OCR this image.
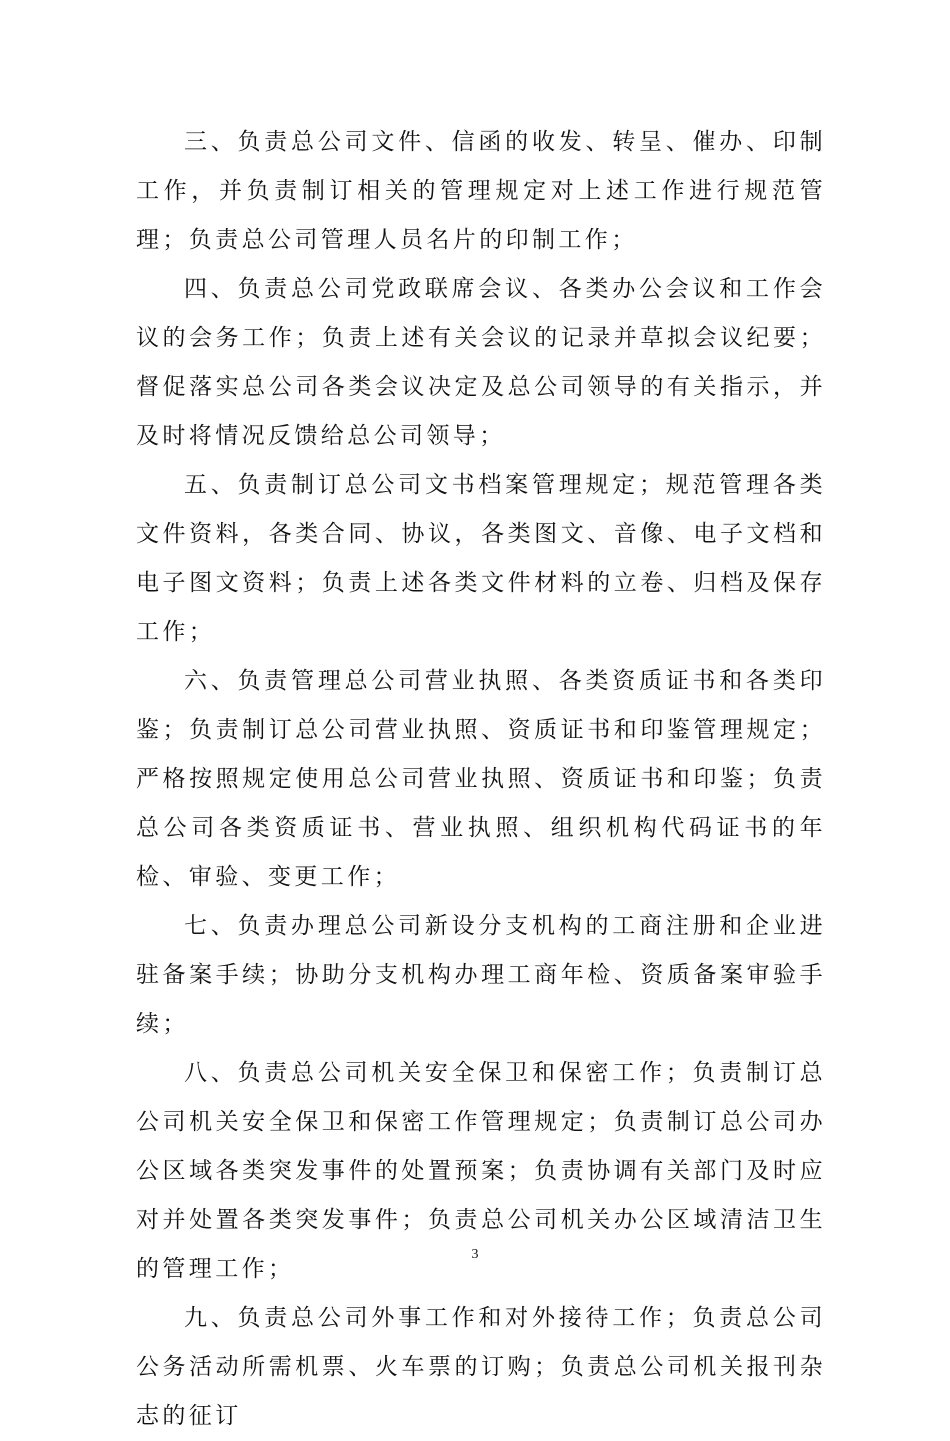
三、负责总公司文件、信函的收发、转呈、催办、印制工作，并负责制订相关的管理规定对上述工作进行规范管理；负责总公司管理人员名片的印制工作；

四、负责总公司党政联席会议、各类办公会议和工作会议的会务工作；负责上述有关会议的记录并草拟会议纪要；督促落实总公司各类会议决定及总公司领导的有关指示，并及时将情况反馈给总公司领导；

五、负责制订总公司文书档案管理规定；规范管理各类文件资料，各类合同、协议，各类图文、音像、电子文档和电子图文资料；负责上述各类文件材料的立卷、归档及保存工作；

六、负责管理总公司营业执照、各类资质证书和各类印鉴；负责制订总公司营业执照、资质证书和印鉴管理规定；严格按照规定使用总公司营业执照、资质证书和印鉴；负责总公司各类资质证书、营业执照、组织机构代码证书的年检、审验、变更工作；

七、负责办理总公司新设分支机构的工商注册和企业进驻备案手续；协助分支机构办理工商年检、资质备案审验手续；

八、负责总公司机关安全保卫和保密工作；负责制订总公司机关安全保卫和保密工作管理规定；负责制订总公司办公区域各类突发事件的处置预案；负责协调有关部门及时应对并处置各类突发事件；负责总公司机关办公区域清洁卫生的管理工作；

九、负责总公司外事工作和对外接待工作；负责总公司公务活动所需机票、火车票的订购；负责总公司机关报刊杂志的征订

3
